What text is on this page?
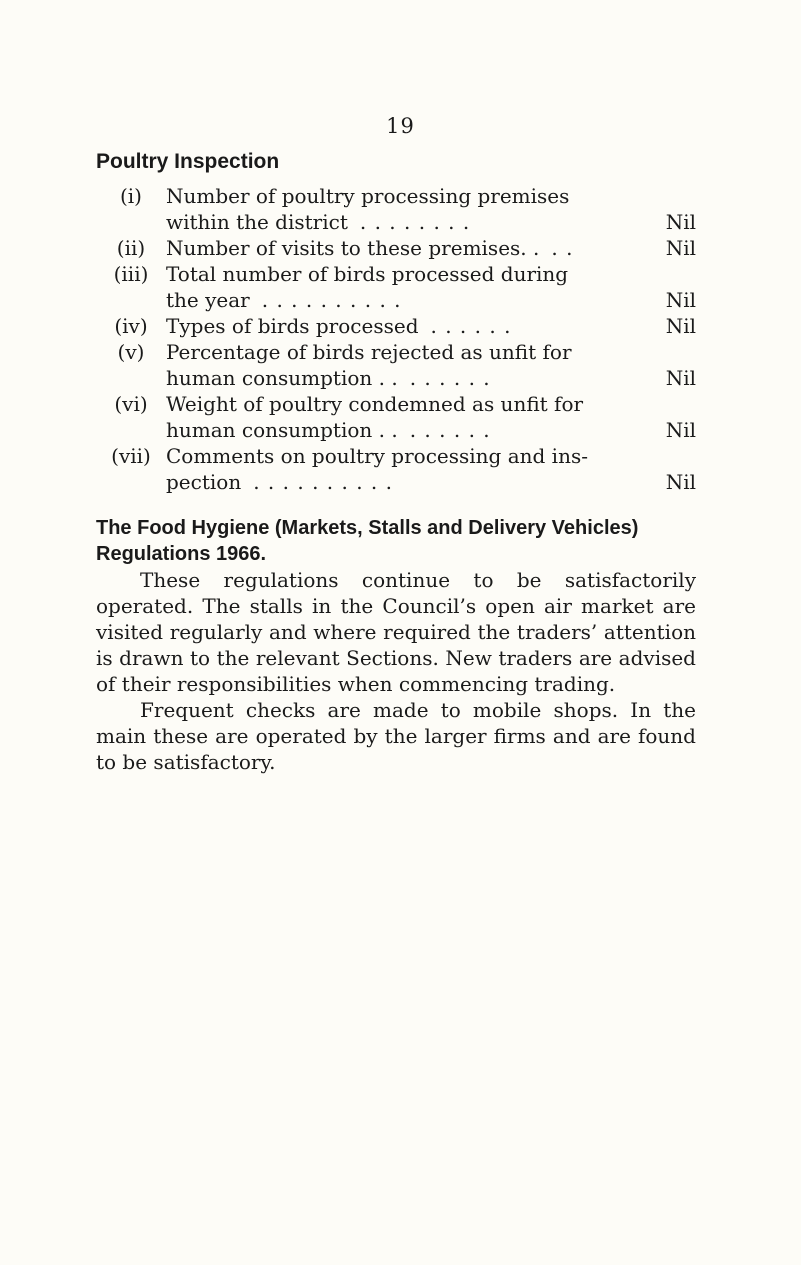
19
Poultry Inspection
(i)	Number of poultry processing premises
within the district . . . . . . . .	Nil
(ii)	Number of visits to these premises. . . .	Nil
(iii) Total number of birds processed during
the year . . . . . . . . . .	Nil
(iv) Types of birds processed . . . . . .	Nil
(v)	Percentage of birds rejected as unfit for
human consumption . . . . . . . .	Nil
(vi) Weight of poultry condemned as unfit for
human consumption . . . . . . . .	Nil
(vii) Comments on poultry processing and ins-
pection . . . . . . . . . .	Nil
The Food Hygiene (Markets, Stalls and Delivery Vehicles)
Regulations 1966.

These regulations continue to be satisfactorily operated. The stalls in the Council’s open air market are visited regularly and where required the traders’ attention is drawn to the relevant Sections. New traders are advised of their responsibilities when commencing trading.

Frequent checks are made to mobile shops. In the main these are operated by the larger firms and are found to be satisfactory.
